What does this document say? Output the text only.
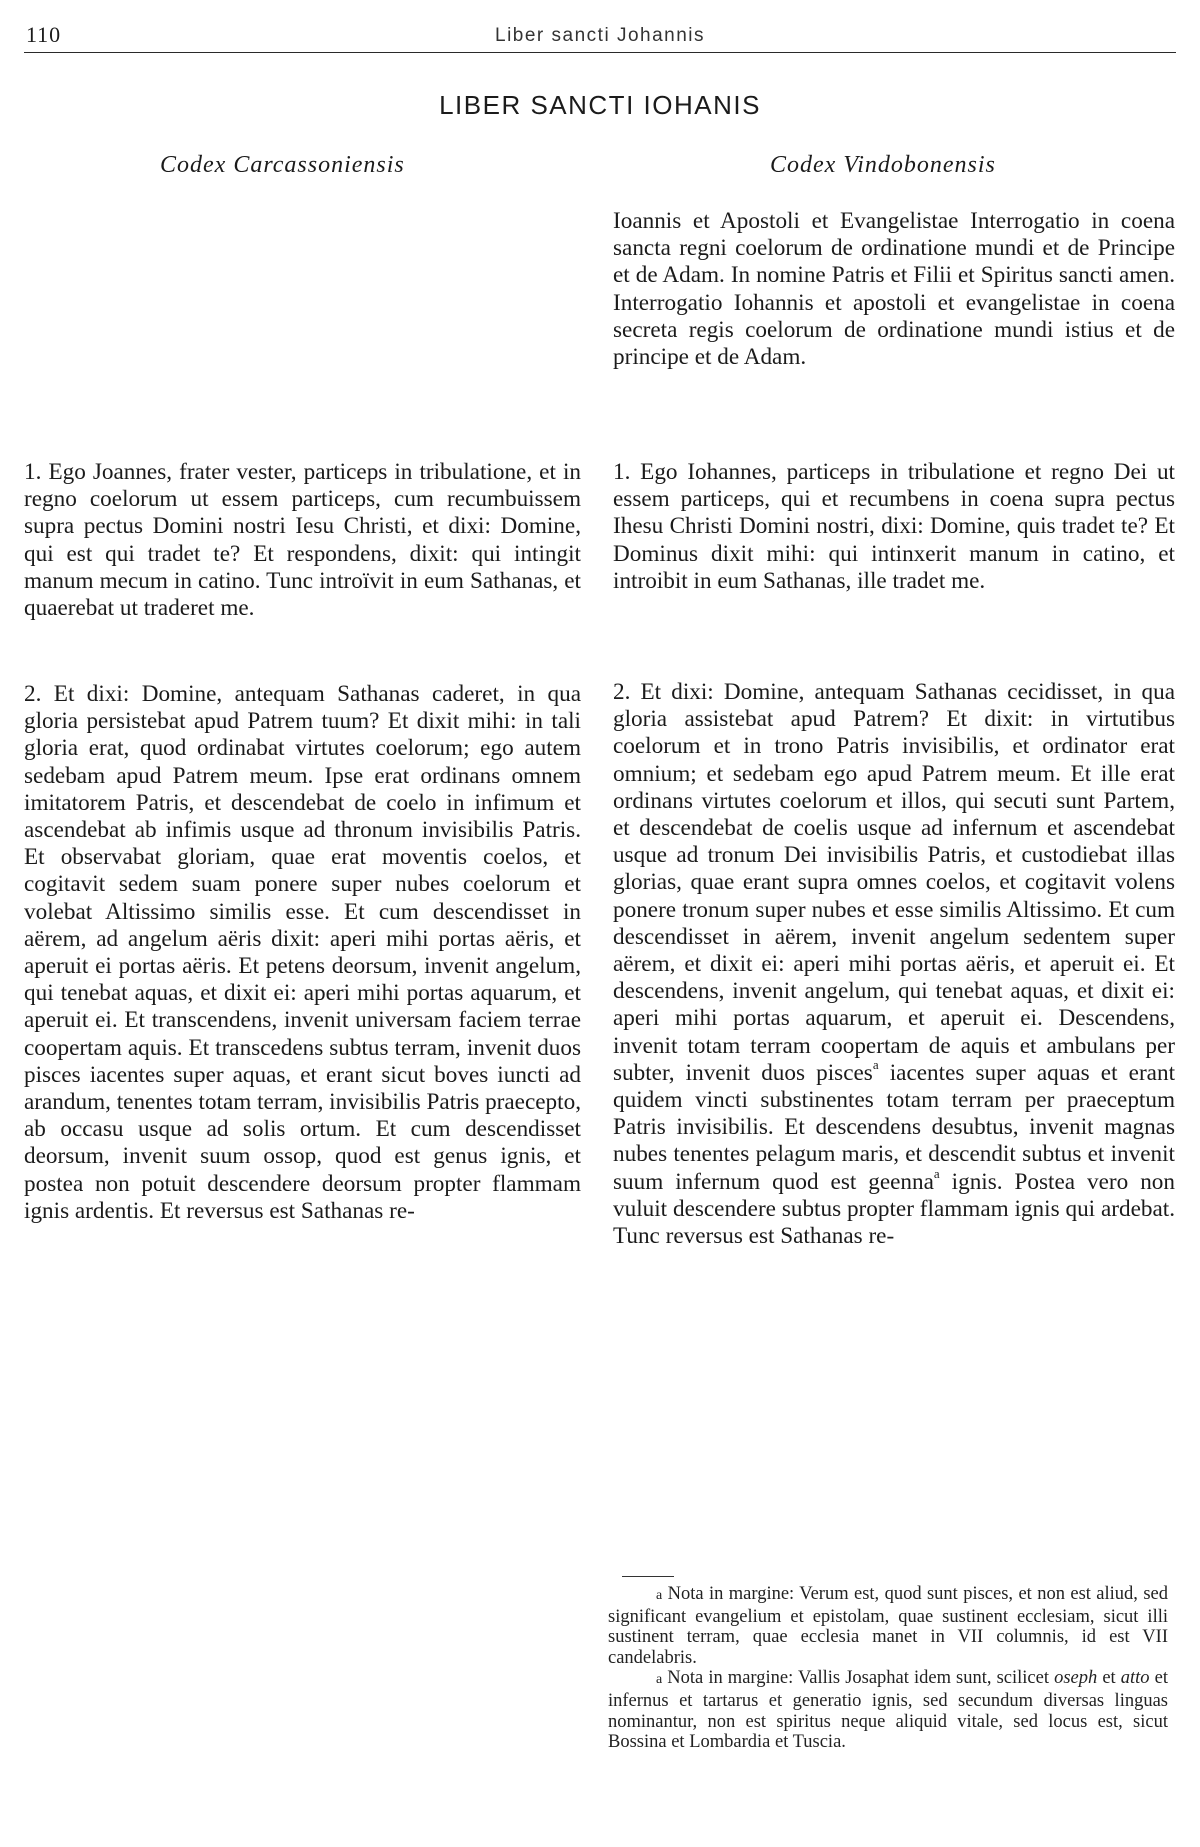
110	Liber sancti Johannis
LIBER SANCTI IOHANIS
Codex Carcassoniensis	Codex Vindobonensis

Ioannis et Apostoli et Evangelistae Interrogatio in coena sancta regni coelorum de ordinatione mundi et de Principe et de Adam. In nomine Patris et Filii et Spiritus sancti amen. Interrogatio Iohannis et apostoli et evangelistae in coena secreta regis coelorum de ordinatione mundi istius et de principe et de Adam.

1. Ego Joannes, frater vester, particeps in tribulatione, et in regno coelorum ut essem particeps, cum recumbuissem supra pectus Domini nostri Iesu Christi, et dixi: Domine, qui est qui tradet te? Et respondens, dixit: qui intingit manum mecum in catino. Tunc introïvit in eum Sathanas, et quaerebat ut traderet me.

1. Ego Iohannes, particeps in tribulatione et regno Dei ut essem particeps, qui et recumbens in coena supra pectus Ihesu Christi Domini nostri, dixi: Domine, quis tradet te? Et Dominus dixit mihi: qui intinxerit manum in catino, et introibit in eum Sathanas, ille tradet me.

2. Et dixi: Domine, antequam Sathanas caderet, in qua gloria persistebat apud Patrem tuum? Et dixit mihi: in tali gloria erat, quod ordinabat virtutes coelorum; ego autem sedebam apud Patrem meum. Ipse erat ordinans omnem imitatorem Patris, et descendebat de coelo in infimum et ascendebat ab infimis usque ad thronum invisibilis Patris. Et observabat gloriam, quae erat moventis coelos, et cogitavit sedem suam ponere super nubes coelorum et volebat Altissimo similis esse. Et cum descendisset in aërem, ad angelum aëris dixit: aperi mihi portas aëris, et aperuit ei portas aëris. Et petens deorsum, invenit angelum, qui tenebat aquas, et dixit ei: aperi mihi portas aquarum, et aperuit ei. Et transcendens, invenit universam faciem terrae coopertam aquis. Et transcedens subtus terram, invenit duos pisces iacentes super aquas, et erant sicut boves iuncti ad arandum, tenentes totam terram, invisibilis Patris praecepto, ab occasu usque ad solis ortum. Et cum descendisset deorsum, invenit suum ossop, quod est genus ignis, et postea non potuit descendere deorsum propter flammam ignis ardentis. Et reversus est Sathanas re-

2. Et dixi: Domine, antequam Sathanas cecidisset, in qua gloria assistebat apud Patrem? Et dixit: in virtutibus coelorum et in trono Patris invisibilis, et ordinator erat omnium; et sedebam ego apud Patrem meum. Et ille erat ordinans virtutes coelorum et illos, qui secuti sunt Partem, et descendebat de coelis usque ad infernum et ascendebat usque ad tronum Dei invisibilis Patris, et custodiebat illas glorias, quae erant supra omnes coelos, et cogitavit volens ponere tronum super nubes et esse similis Altissimo. Et cum descendisset in aërem, invenit angelum sedentem super aërem, et dixit ei: aperi mihi portas aëris, et aperuit ei. Et descendens, invenit angelum, qui tenebat aquas, et dixit ei: aperi mihi portas aquarum, et aperuit ei. Descendens, invenit totam terram coopertam de aquis et ambulans per subter, invenit duos pisces$^a$ iacentes super aquas et erant quidem vincti substinentes totam terram per praeceptum Patris invisibilis. Et descendens desubtus, invenit magnas nubes tenentes pelagum maris, et descendit subtus et invenit suum infernum quod est geenna$^a$ ignis. Postea vero non vuluit descendere subtus propter flammam ignis qui ardebat. Tunc reversus est Sathanas re-

a Nota in margine: Verum est, quod sunt pisces, et non est aliud, sed significant evangelium et epistolam, quae sustinent ecclesiam, sicut illi sustinent terram, quae ecclesia manet in VII columnis, id est VII candelabris.

a Nota in margine: Vallis Josaphat idem sunt, scilicet oseph et atto et infernus et tartarus et generatio ignis, sed secundum diversas linguas nominantur, non est spiritus neque aliquid vitale, sed locus est, sicut Bossina et Lombardia et Tuscia.
